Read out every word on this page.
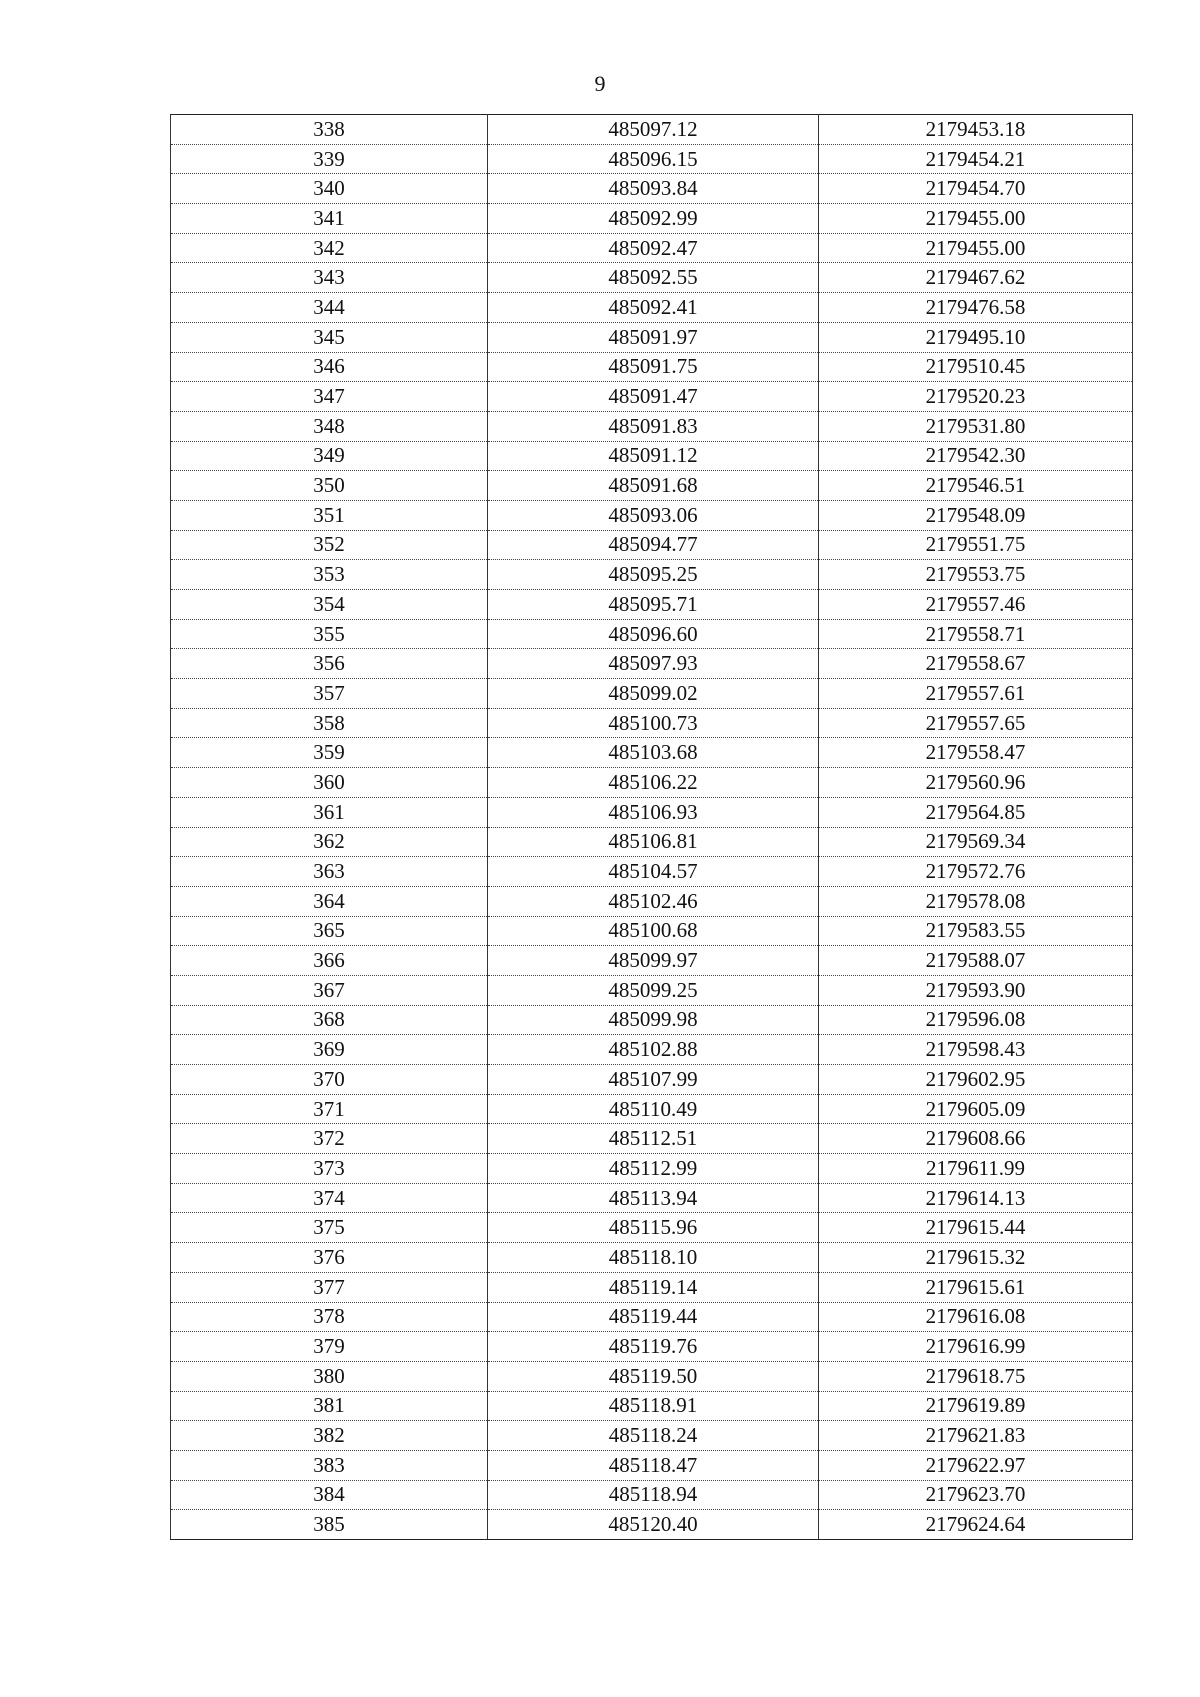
9
338	485097.12	2179453.18
339	485096.15	2179454.21
340	485093.84	2179454.70
341	485092.99	2179455.00
342	485092.47	2179455.00
343	485092.55	2179467.62
344	485092.41	2179476.58
345	485091.97	2179495.10
346	485091.75	2179510.45
347	485091.47	2179520.23
348	485091.83	2179531.80
349	485091.12	2179542.30
350	485091.68	2179546.51
351	485093.06	2179548.09
352	485094.77	2179551.75
353	485095.25	2179553.75
354	485095.71	2179557.46
355	485096.60	2179558.71
356	485097.93	2179558.67
357	485099.02	2179557.61
358	485100.73	2179557.65
359	485103.68	2179558.47
360	485106.22	2179560.96
361	485106.93	2179564.85
362	485106.81	2179569.34
363	485104.57	2179572.76
364	485102.46	2179578.08
365	485100.68	2179583.55
366	485099.97	2179588.07
367	485099.25	2179593.90
368	485099.98	2179596.08
369	485102.88	2179598.43
370	485107.99	2179602.95
371	485110.49	2179605.09
372	485112.51	2179608.66
373	485112.99	2179611.99
374	485113.94	2179614.13
375	485115.96	2179615.44
376	485118.10	2179615.32
377	485119.14	2179615.61
378	485119.44	2179616.08
379	485119.76	2179616.99
380	485119.50	2179618.75
381	485118.91	2179619.89
382	485118.24	2179621.83
383	485118.47	2179622.97
384	485118.94	2179623.70
385	485120.40	2179624.64
